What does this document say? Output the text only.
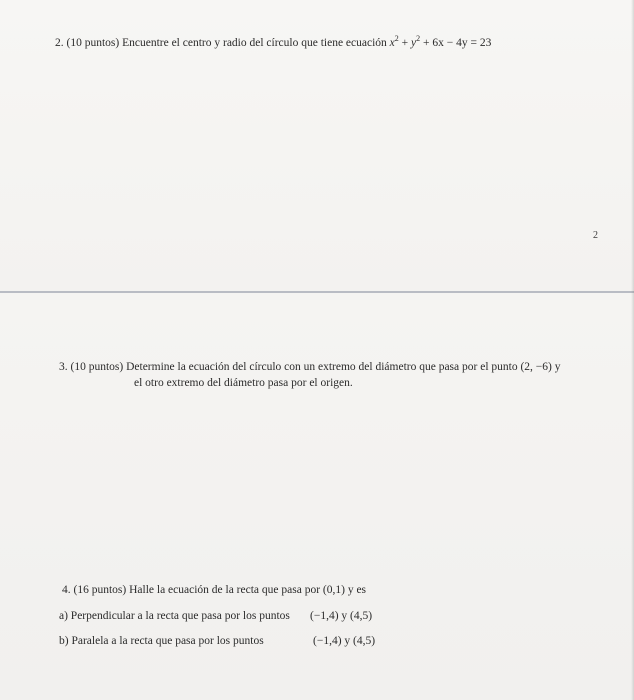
2. (10 puntos) Encuentre el centro y radio del círculo que tiene ecuación $x^2 + y^2 + 6x - 4y = 23$
2
3. (10 puntos) Determine la ecuación del círculo con un extremo del diámetro que pasa por el punto (2, −6) y
el otro extremo del diámetro pasa por el origen.
4. (16 puntos) Halle la ecuación de la recta que pasa por (0,1) y es
a) Perpendicular a la recta que pasa por los puntos (−1,4) y (4,5)
b) Paralela a la recta que pasa por los puntos	(−1,4) y (4,5)
